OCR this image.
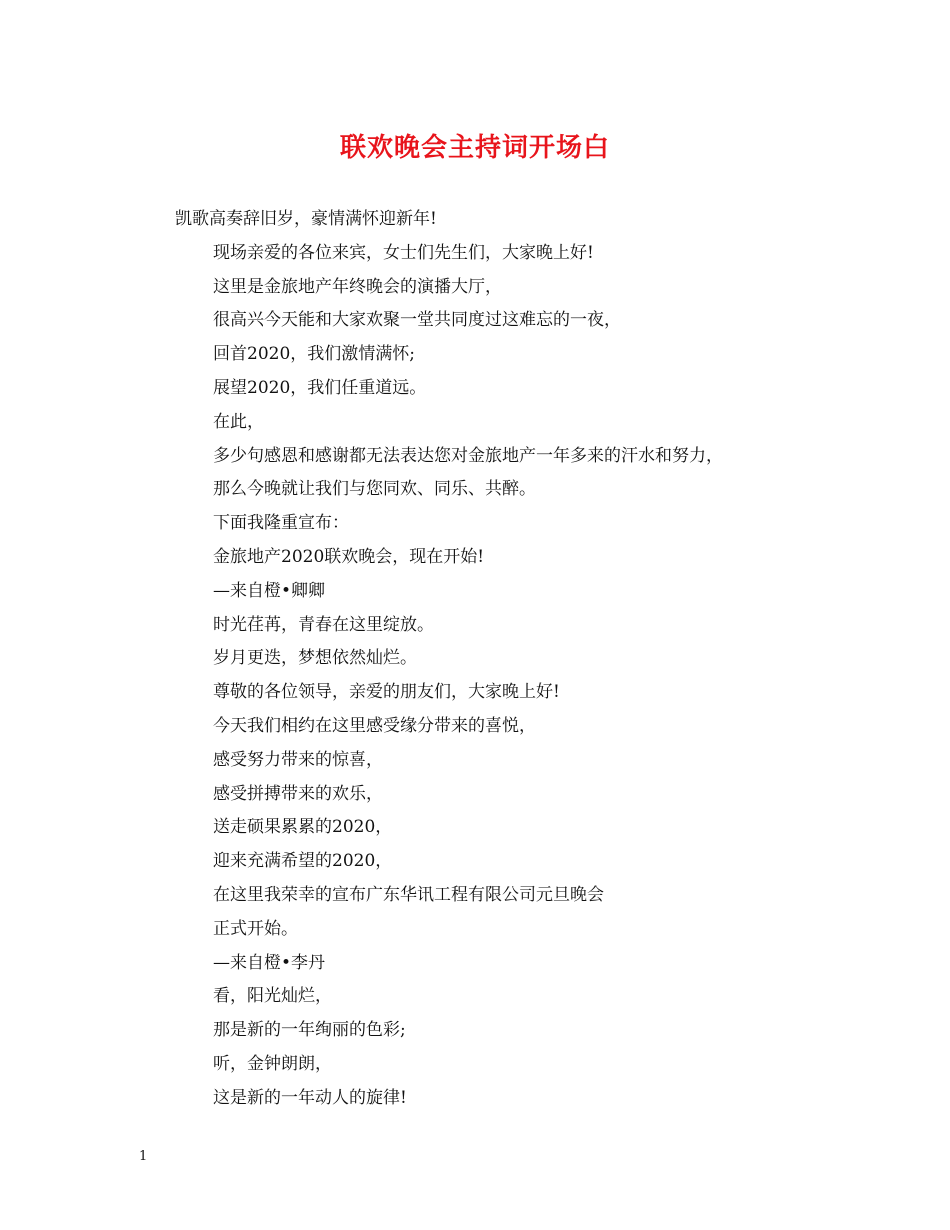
联欢晚会主持词开场白

凯歌高奏辞旧岁，豪情满怀迎新年!

现场亲爱的各位来宾，女士们先生们，大家晚上好!

这里是金旅地产年终晚会的演播大厅，

很高兴今天能和大家欢聚一堂共同度过这难忘的一夜，

回首2020，我们激情满怀;

展望2020，我们任重道远。

在此，

多少句感恩和感谢都无法表达您对金旅地产一年多来的汗水和努力，

那么今晚就让我们与您同欢、同乐、共醉。

下面我隆重宣布：

金旅地产2020联欢晚会，现在开始!

—来自橙•卿卿

时光荏苒，青春在这里绽放。

岁月更迭，梦想依然灿烂。

尊敬的各位领导，亲爱的朋友们，大家晚上好!

今天我们相约在这里感受缘分带来的喜悦，

感受努力带来的惊喜，

感受拼搏带来的欢乐，

送走硕果累累的2020，

迎来充满希望的2020，

在这里我荣幸的宣布广东华讯工程有限公司元旦晚会

正式开始。

—来自橙•李丹

看，阳光灿烂，

那是新的一年绚丽的色彩;

听，金钟朗朗，

这是新的一年动人的旋律!

1
